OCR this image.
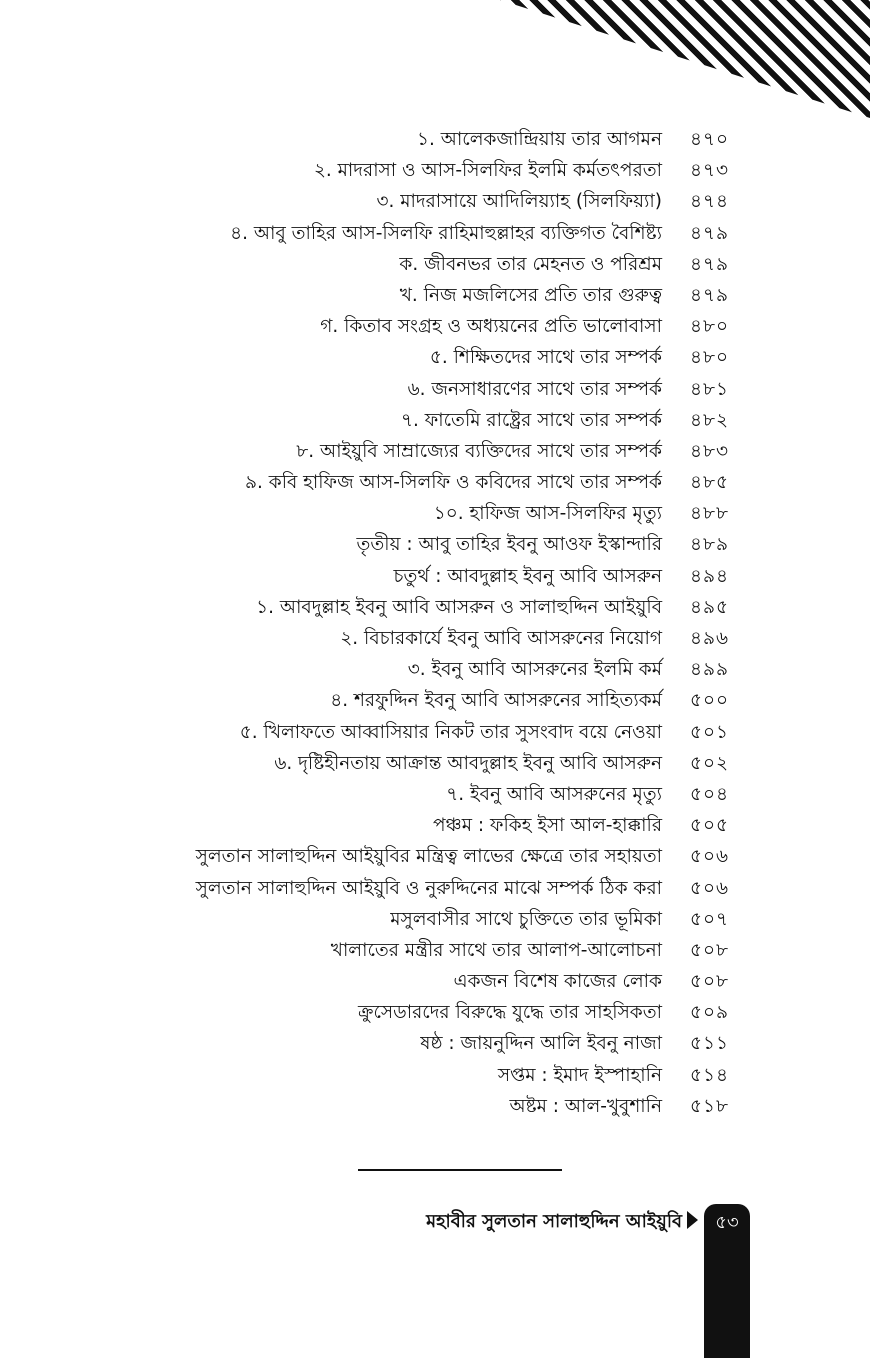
১. আলেকজান্দ্রিয়ায় তার আগমন ৪৭০
২. মাদরাসা ও আস-সিলফির ইলমি কর্মতৎপরতা ৪৭৩
৩. মাদরাসায়ে আদিলিয়্যাহ (সিলফিয়্যা) ৪৭৪
৪. আবু তাহির আস-সিলফি রাহিমাহুল্লাহর ব্যক্তিগত বৈশিষ্ট্য ৪৭৯
ক. জীবনভর তার মেহনত ও পরিশ্রম ৪৭৯
খ. নিজ মজলিসের প্রতি তার গুরুত্ব ৪৭৯
গ. কিতাব সংগ্রহ ও অধ্যয়নের প্রতি ভালোবাসা ৪৮০
৫. শিক্ষিতদের সাথে তার সম্পর্ক ৪৮০
৬. জনসাধারণের সাথে তার সম্পর্ক ৪৮১
৭. ফাতেমি রাষ্ট্রের সাথে তার সম্পর্ক ৪৮২
৮. আইয়ুবি সাম্রাজ্যের ব্যক্তিদের সাথে তার সম্পর্ক ৪৮৩
৯. কবি হাফিজ আস-সিলফি ও কবিদের সাথে তার সম্পর্ক ৪৮৫
১০. হাফিজ আস-সিলফির মৃত্যু ৪৮৮
তৃতীয় : আবু তাহির ইবনু আওফ ইস্কান্দারি ৪৮৯
চতুর্থ : আবদুল্লাহ ইবনু আবি আসরুন ৪৯৪
১. আবদুল্লাহ ইবনু আবি আসরুন ও সালাহুদ্দিন আইয়ুবি ৪৯৫
২. বিচারকার্যে ইবনু আবি আসরুনের নিয়োগ ৪৯৬
৩. ইবনু আবি আসরুনের ইলমি কর্ম ৪৯৯
৪. শরফুদ্দিন ইবনু আবি আসরুনের সাহিত্যকর্ম ৫০০
৫. খিলাফতে আব্বাসিয়ার নিকট তার সুসংবাদ বয়ে নেওয়া ৫০১
৬. দৃষ্টিহীনতায় আক্রান্ত আবদুল্লাহ ইবনু আবি আসরুন ৫০২
৭. ইবনু আবি আসরুনের মৃত্যু ৫০৪
পঞ্চম : ফকিহ ইসা আল-হাক্কারি ৫০৫
সুলতান সালাহুদ্দিন আইয়ুবির মন্ত্রিত্ব লাভের ক্ষেত্রে তার সহায়তা ৫০৬
সুলতান সালাহুদ্দিন আইয়ুবি ও নুরুদ্দিনের মাঝে সম্পর্ক ঠিক করা ৫০৬
মসুলবাসীর সাথে চুক্তিতে তার ভূমিকা ৫০৭
খালাতের মন্ত্রীর সাথে তার আলাপ-আলোচনা ৫০৮
একজন বিশেষ কাজের লোক ৫০৮
ক্রুসেডারদের বিরুদ্ধে যুদ্ধে তার সাহসিকতা ৫০৯
ষষ্ঠ : জায়নুদ্দিন আলি ইবনু নাজা ৫১১
সপ্তম : ইমাদ ইস্পাহানি ৫১৪
অষ্টম : আল-খুবুশানি ৫১৮
মহাবীর সুলতান সালাহুদ্দিন আইয়ুবি	৫৩
